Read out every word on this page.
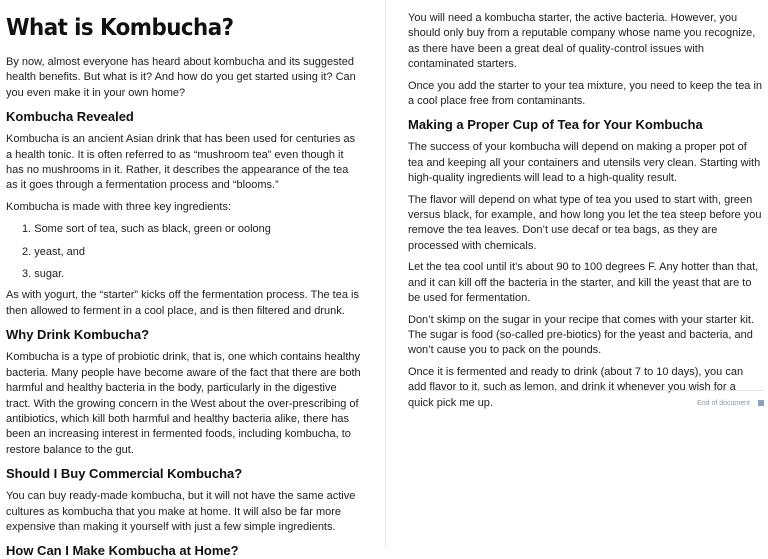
What is Kombucha?

By now, almost everyone has heard about kombucha and its suggested health benefits. But what is it? And how do you get started using it? Can you even make it in your own home?

Kombucha Revealed

Kombucha is an ancient Asian drink that has been used for centuries as a health tonic. It is often referred to as “mushroom tea” even though it has no mushrooms in it. Rather, it describes the appearance of the tea as it goes through a fermentation process and “blooms.”

Kombucha is made with three key ingredients:

1. Some sort of tea, such as black, green or oolong
2. yeast, and
3. sugar.

As with yogurt, the “starter” kicks off the fermentation process. The tea is then allowed to ferment in a cool place, and is then filtered and drunk.

Why Drink Kombucha?

Kombucha is a type of probiotic drink, that is, one which contains healthy bacteria. Many people have become aware of the fact that there are both harmful and healthy bacteria in the body, particularly in the digestive tract. With the growing concern in the West about the over-prescribing of antibiotics, which kill both harmful and healthy bacteria alike, there has been an increasing interest in fermented foods, including kombucha, to restore balance to the gut.

Should I Buy Commercial Kombucha?

You can buy ready-made kombucha, but it will not have the same active cultures as kombucha that you make at home. It will also be far more expensive than making it yourself with just a few simple ingredients.

How Can I Make Kombucha at Home?

You will need a kombucha starter, the active bacteria. However, you should only buy from a reputable company whose name you recognize, as there have been a great deal of quality-control issues with contaminated starters.

Once you add the starter to your tea mixture, you need to keep the tea in a cool place free from contaminants.

Making a Proper Cup of Tea for Your Kombucha

The success of your kombucha will depend on making a proper pot of tea and keeping all your containers and utensils very clean. Starting with high-quality ingredients will lead to a high-quality result.

The flavor will depend on what type of tea you used to start with, green versus black, for example, and how long you let the tea steep before you remove the tea leaves. Don’t use decaf or tea bags, as they are processed with chemicals.

Let the tea cool until it’s about 90 to 100 degrees F. Any hotter than that, and it can kill off the bacteria in the starter, and kill the yeast that are to be used for fermentation.

Don’t skimp on the sugar in your recipe that comes with your starter kit. The sugar is food (so-called pre-biotics) for the yeast and bacteria, and won’t cause you to pack on the pounds.

Once it is fermented and ready to drink (about 7 to 10 days), you can add flavor to it, such as lemon, and drink it whenever you wish for a quick pick me up.	End of document
